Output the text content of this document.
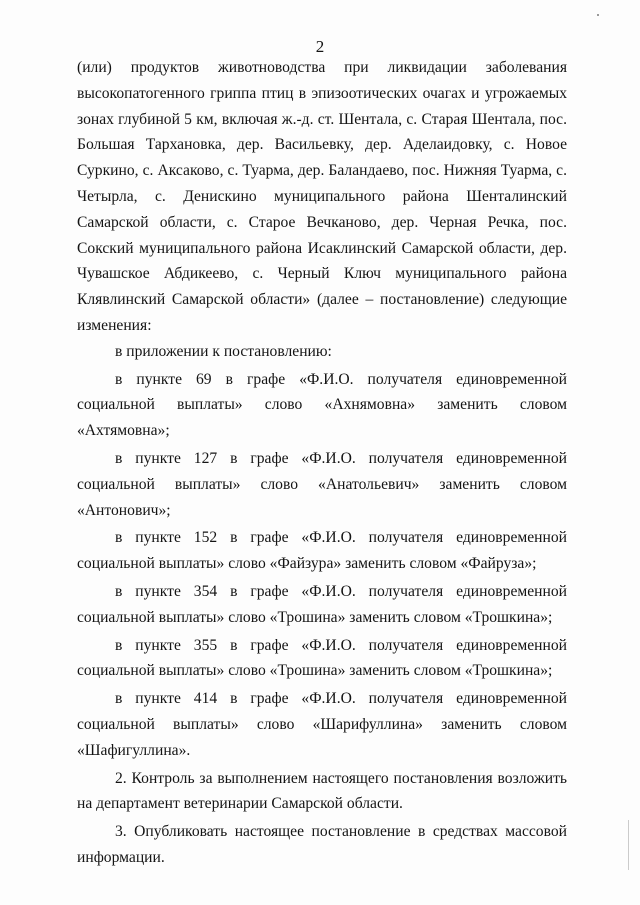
2

(или) продуктов животноводства при ликвидации заболевания высокопатогенного гриппа птиц в эпизоотических очагах и угрожаемых зонах глубиной 5 км, включая ж.-д. ст. Шентала, с. Старая Шентала, пос. Большая Тархановка, дер. Васильевку, дер. Аделаидовку, с. Новое Суркино, с. Аксаково, с. Туарма, дер. Баландаево, пос. Нижняя Туарма, с. Четырла, с. Денискино муниципального района Шенталинский Самарской области, с. Старое Вечканово, дер. Черная Речка, пос. Сокский муниципального района Исаклинский Самарской области, дер. Чувашское Абдикеево, с. Черный Ключ муниципального района Клявлинский Самарской области» (далее – постановление) следующие изменения:

в приложении к постановлению:

в пункте 69 в графе «Ф.И.О. получателя единовременной социальной выплаты» слово «Ахнямовна» заменить словом «Ахтямовна»;

в пункте 127 в графе «Ф.И.О. получателя единовременной социальной выплаты» слово «Анатольевич» заменить словом «Антонович»;

в пункте 152 в графе «Ф.И.О. получателя единовременной социальной выплаты» слово «Файзура» заменить словом «Файруза»;

в пункте 354 в графе «Ф.И.О. получателя единовременной социальной выплаты» слово «Трошина» заменить словом «Трошкина»;

в пункте 355 в графе «Ф.И.О. получателя единовременной социальной выплаты» слово «Трошина» заменить словом «Трошкина»;

в пункте 414 в графе «Ф.И.О. получателя единовременной социальной выплаты» слово «Шарифуллина» заменить словом «Шафигуллина».

2. Контроль за выполнением настоящего постановления возложить на департамент ветеринарии Самарской области.

3. Опубликовать настоящее постановление в средствах массовой информации.
